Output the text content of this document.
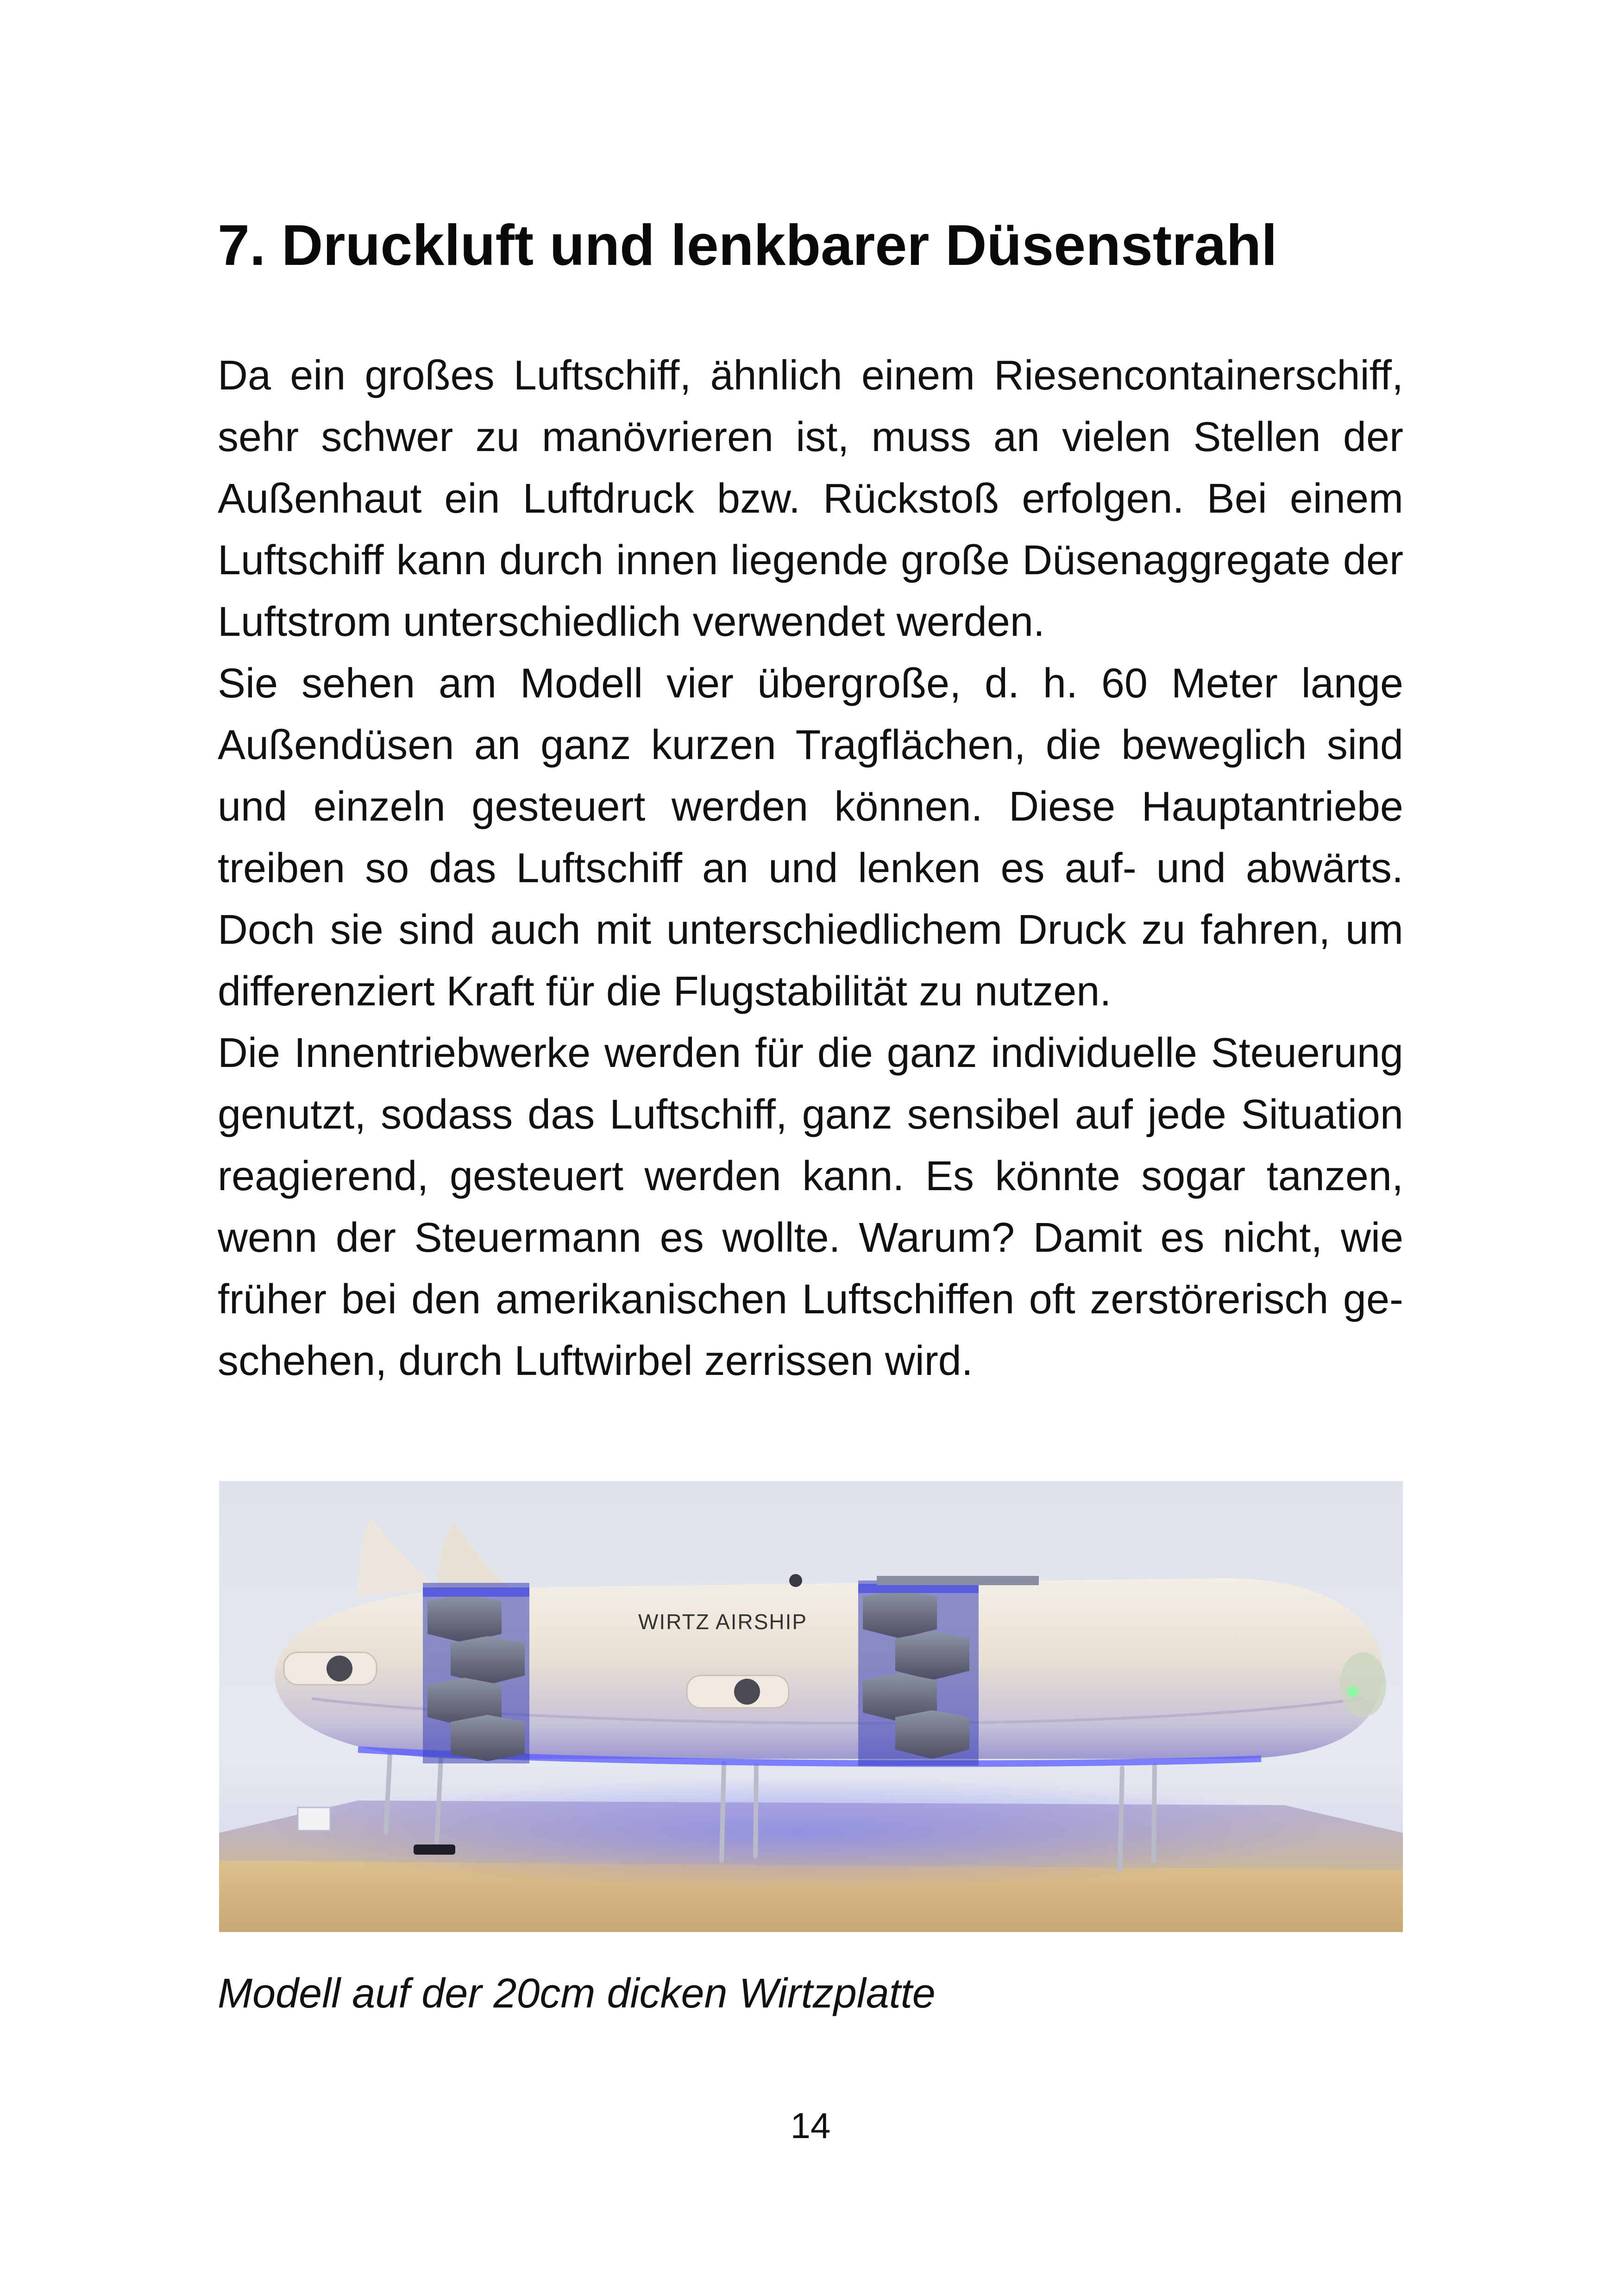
7. Druckluft und lenkbarer Düsenstrahl

Da ein großes Luftschiff, ähnlich einem Riesencontainerschiff, sehr schwer zu manövrieren ist, muss an vielen Stellen der Außenhaut ein Luftdruck bzw. Rückstoß erfolgen. Bei einem Luftschiff kann durch innen liegende große Düsenaggregate der Luftstrom unterschiedlich verwendet werden.

Sie sehen am Modell vier übergroße, d. h. 60 Meter lange Außendüsen an ganz kurzen Tragflächen, die beweglich sind und einzeln gesteuert werden können. Diese Hauptantriebe treiben so das Luftschiff an und lenken es auf- und abwärts. Doch sie sind auch mit unterschiedlichem Druck zu fahren, um differenziert Kraft für die Flugstabilität zu nutzen.

Die Innentriebwerke werden für die ganz individuelle Steuerung genutzt, sodass das Luftschiff, ganz sensibel auf jede Situation reagierend, gesteuert werden kann. Es könnte sogar tanzen, wenn der Steuermann es wollte. Warum? Damit es nicht, wie früher bei den amerikanischen Luftschiffen oft zerstörerisch geschehen, durch Luftwirbel zerrissen wird.

WIRTZ AIRSHIP
Modell auf der 20cm dicken Wirtzplatte
14
